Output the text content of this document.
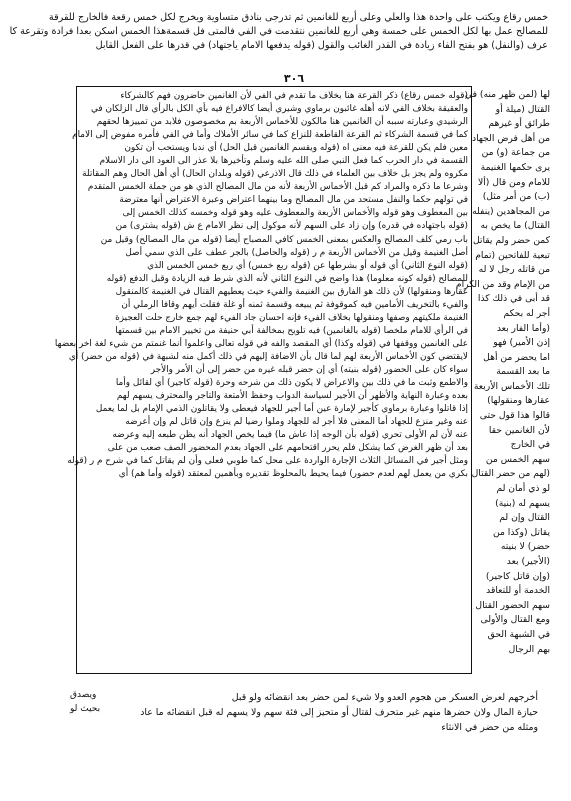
خمس رقاع ويكتب على واحدة هذا والعلي وعلى أربع للغانمين ثم تدرجى بنادق متساوية ويخرج لكل خمس رقعة فالخارج للقرقة
للمصالح عمل بها لكل الخمس على خمسة وهي أربع للغانمين نتقدمت في الفي فالمتى فل قسمةهذا الخمس اسكن بعدا فرادة وتقرعة كا
عرف (والنفل) هو بفتح الفاء زيادة في القدر الغائب والقول (قوله يدفعها الامام ياجتهاد) في قدرها على الفعل القابل
٣٠٦
(قوله خمس رقاع) ذكر القرعة هنا بخلاف ما تقدم في الفي لأن الغانمين حاضرون فهم كالشركاء
والعقيقة بخلاف الفي لانه أهله غائبون برماوي وشيري أيضا كالافراع فيه بأي الكل بالرأي قال الزلكان في
الرشيدي وعبارته سببه أن الغانمين هنا مالكون للأخماس الأربعة بم مخصوصون فلابد من تمييزها لحقهم
كما في قسمة الشركاء ثم القرعة القاطعة للنزاع كما في سائر الأملاك وأما في الفي فأمره مفوض إلى الامام
معين فلم يكن للقرعة فيه معنى اه (قوله ويقسم الغانمين قبل الحل) أي ندبا ويستحب أن تكون
القسمة في دار الحرب كما فعل النبي صلى الله عليه وسلم وتأخيرها بلا عذر الى العود الى دار الاسلام
مكروه ولم يجز بل خلاف بين العلماء في ذلك قال الاذرعي (قوله وبلدان الحال) أي أهل الحال وهم المقاتلة
وشرعا ما ذكره والمراد كم قبل الأخماس الأربعة لأنه من مال المصالح الذي هو من جملة الخمس المتقدم
في تولهم حكما والنفل مستحد من مال المصالح وما بينهما اعتراض وعبرة الاعتراض أنها معترضة
بين المعطوف وهو قوله والأخماس الأربعة والمعطوف عليه وهو قوله وخمسه كذلك الخمس إلى
(قوله باجتهاده في قدره) وإن زاد على السهم لأنه موكول إلى نظر الامام ع ش (قوله يشترى) من
باب رمي كلف المصالح والعكس بمعنى الخمس كافي المصباح أيضا (قوله من مال المصالح) وقيل من
أصل الغنيمة وقيل من الأخماس الأربعة م ر (قوله والحاصل) بالجر عطف على الذي سمي أصل
(قوله النوع الثاني) أي قوله أو بشرطها عن (قوله ربع خمس) أي ربع خمس الخمس الذي
للمصالح (قوله كونه معلوما) هذا واضح في النوع الثاني لأنه الذي شرط فيه الزيادة وقبل الدفع (قوله
عقارها ومنقولها) لأن ذلك هو الفارق بين الغنيمة والفيء حيث يعطيهم القتال في الغنيمة كالمنقول
والفيء بالتخريف الأمامين فيه كموقوفة ثم يبيعه وقسمة ثمنه أو غلة فقلت أيهم وقافا الرملي أن
الغنيمة ملكيتهم وصفها ومنقولها بخلاف الفيء فإنه احسان جاد الفيء لهم جمع خارج حلت العجيزة
في الرأي للامام ملخصا (قوله بالغانمين) فيه تلويح بمخالفة أبي حنيفة من تخيير الامام بين قسمتها
على الغانمين ووقفها في (قوله وكذا) أي المقصد والفه في قوله تعالى واعلموا أنما غنمتم من شيء لغة اخر بعضها
لايقتضي كون الأخماس الأربعة لهم لما قال بأن الاضافة إليهم في ذلك أكمل منه لشبهة في (قوله من حضر) أي
سواء كان على الحضور (قوله بنيته) أي إن حضر قبله غيره من حضر إلى أن الأمر والأجر
والاطمع وثبت ما في ذلك بين والاعراض لا يكون ذلك من شرحه وحرة (قوله كاجير) أي لقائل وأما
بعده وعبارة النهاية والأظهر أن الأجير لسياسة الدواب وحفظ الأمتعة والتاجر والمحترف يسهم لهم
إذا قاتلوا وعبارة برماوي كأجير لإمارة عين أما أجير للجهاد فيعطى ولا يقاتلون الذمي الإمام بل لما يعمل
عنه وغير منزع للجهاد أما المعنى فلا أجر له للجهاد وملوا رضيا لم ينزع وإن قاتل لم وإن أعرضه
عنه لأن لم الأولى تحري (قوله بأن الوجه إذا عاش ما) فيما يخص الجهاد أنه يظن طبعه إليه وعرضه
بعد أن ظهر الغرض كما يشكل فلم يحرر اقتحامهم على الجهاد بعدم المحضور الصف صعب من على
ومثل أجير في المسائل الثلاث الإجارة الواردة على محل كما طوبي فعلى وأن لم يقاتل كما في شرح م ر (قوله
بكري من يعمل لهم لعدم حضور) فيما يحيط بالمحلوظ تقديره وبأهمين لمعتقد (قوله وأما هم) أي
لها (لمن ظهر منه) في
القتال (ميلة أو
طرائق أو غيرهم
من أهل فرض الجهاد
من جماعة (و) من
يرى حكمها الغنيمة
للامام ومن قال (ألا
(ب) من أمر مثل)
من المجاهدين (ينفله
القتال) ما يخص به
كمن حضر ولم يقاتل
تبعية للفاتحين (تمام
من قاتله رجل لا له
من الإمام وقد من الكرام
قد أبى في ذلك كذا
أجر له بحكم
(وأما الفار بعد
إذن الأمير) فهو
اما يحضر من أهل
ما بعد القسمة
تلك الأخماس الأربعة
عقارها ومنقولها)
قالوا هذا قول حتى
لأن الغانمين حقا
في الخارج
سهم الخمس من
(لهم من حضر القتال
لو ذي أمان لم
يسهم له (بنية)
القتال وإن لم
يقاتل (وكذا من
حضر) لا بنيته
(الأجير) بعد
(وإن قاتل كاجير)
الخدمة أو للتعاقد
سهم الحضور القتال
ومع القتال والأولى
في الشبهة الحق
بهم الرجال
أخرجهم لعرض العسكر من هجوم العدو ولا شيء لمن حضر بعد انقضائه ولو قبل
حيازة المال ولان حضرها منهم غير متحرف لقتال أو متحيز إلى فئة سهم ولا يسهم له قبل انقضائه ما عاد
ومثله من حضر في الانثاء
ويصدق
بحيث لو
